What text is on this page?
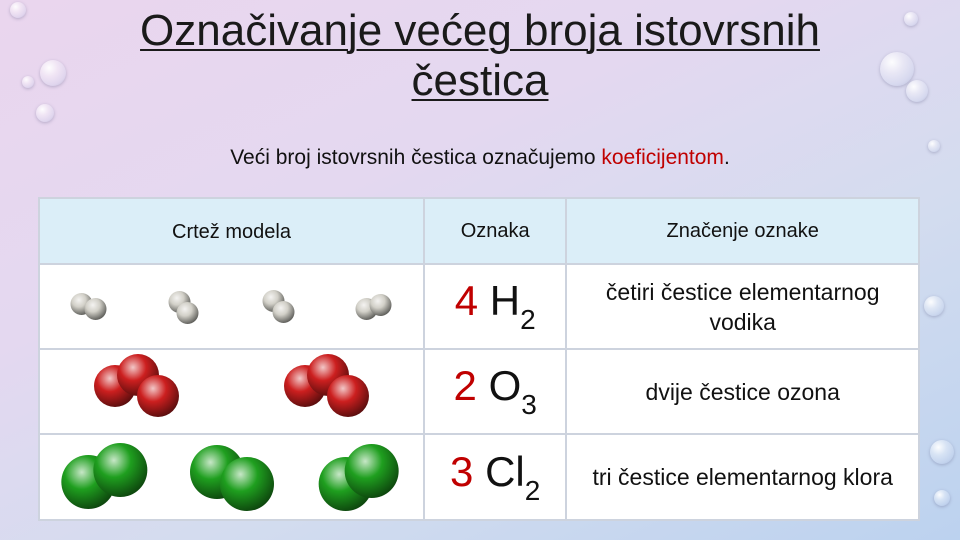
Označivanje većeg broja istovrsnih
čestica
Veći broj istovrsnih čestica označujemo koeficijentom.
Crtež modela	Oznaka	Značenje oznake

	4 $H_2$	četiri čestice elementarnog vodika

	2 $O_3$	dvije čestice ozona

	3 $Cl_2$	tri čestice elementarnog klora
